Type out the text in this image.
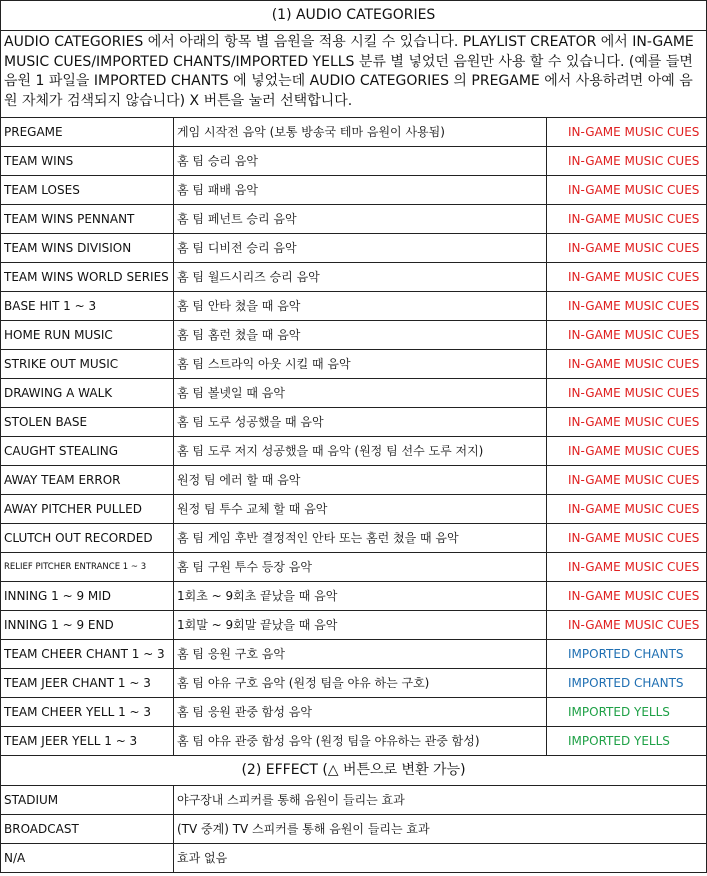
(1) AUDIO CATEGORIES		
AUDIO CATEGORIES 에서 아래의 항목 별 음원을 적용 시킬 수 있습니다. PLAYLIST CREATOR 에서 IN-GAME MUSIC CUES/IMPORTED CHANTS/IMPORTED YELLS 분류 별 넣었던 음원만 사용 할 수 있습니다. (예를 들면 음원 1 파일을 IMPORTED CHANTS 에 넣었는데 AUDIO CATEGORIES 의 PREGAME 에서 사용하려면 아예 음원 자체가 검색되지 않습니다) X 버튼을 눌러 선택합니다.		
PREGAME	게임 시작전 음악 (보통 방송국 테마 음원이 사용됨)	IN-GAME MUSIC CUES
TEAM WINS	홈 팀 승리 음악	IN-GAME MUSIC CUES
TEAM LOSES	홈 팀 패배 음악	IN-GAME MUSIC CUES
TEAM WINS PENNANT	홈 팀 페넌트 승리 음악	IN-GAME MUSIC CUES
TEAM WINS DIVISION	홈 팀 디비전 승리 음악	IN-GAME MUSIC CUES
TEAM WINS WORLD SERIES	홈 팀 월드시리즈 승리 음악	IN-GAME MUSIC CUES
BASE HIT 1 ~ 3	홈 팀 안타 쳤을 때 음악	IN-GAME MUSIC CUES
HOME RUN MUSIC	홈 팀 홈런 쳤을 때 음악	IN-GAME MUSIC CUES
STRIKE OUT MUSIC	홈 팀 스트라익 아웃 시킬 때 음악	IN-GAME MUSIC CUES
DRAWING A WALK	홈 팀 볼넷일 때 음악	IN-GAME MUSIC CUES
STOLEN BASE	홈 팀 도루 성공했을 때 음악	IN-GAME MUSIC CUES
CAUGHT STEALING	홈 팀 도루 저지 성공했을 때 음악 (원정 팀 선수 도루 저지)	IN-GAME MUSIC CUES
AWAY TEAM ERROR	원정 팀 에러 할 때 음악	IN-GAME MUSIC CUES
AWAY PITCHER PULLED	원정 팀 투수 교체 할 때 음악	IN-GAME MUSIC CUES
CLUTCH OUT RECORDED	홈 팀 게임 후반 결정적인 안타 또는 홈런 쳤을 때 음악	IN-GAME MUSIC CUES
RELIEF PITCHER ENTRANCE 1 ~ 3	홈 팀 구원 투수 등장 음악	IN-GAME MUSIC CUES
INNING 1 ~ 9 MID	1회초 ~ 9회초 끝났을 때 음악	IN-GAME MUSIC CUES
INNING 1 ~ 9 END	1회말 ~ 9회말 끝났을 때 음악	IN-GAME MUSIC CUES
TEAM CHEER CHANT 1 ~ 3	홈 팀 응원 구호 음악	IMPORTED CHANTS
TEAM JEER CHANT 1 ~ 3	홈 팀 야유 구호 음악 (원정 팀을 야유 하는 구호)	IMPORTED CHANTS
TEAM CHEER YELL 1 ~ 3	홈 팀 응원 관중 함성 음악	IMPORTED YELLS
TEAM JEER YELL 1 ~ 3	홈 팀 야유 관중 함성 음악 (원정 팀을 야유하는 관중 함성)	IMPORTED YELLS
(2) EFFECT (△ 버튼으로 변환 가능)		
STADIUM	야구장내 스피커를 통해 음원이 들리는 효과	
BROADCAST	(TV 중계) TV 스피커를 통해 음원이 들리는 효과	
N/A	효과 없음	
